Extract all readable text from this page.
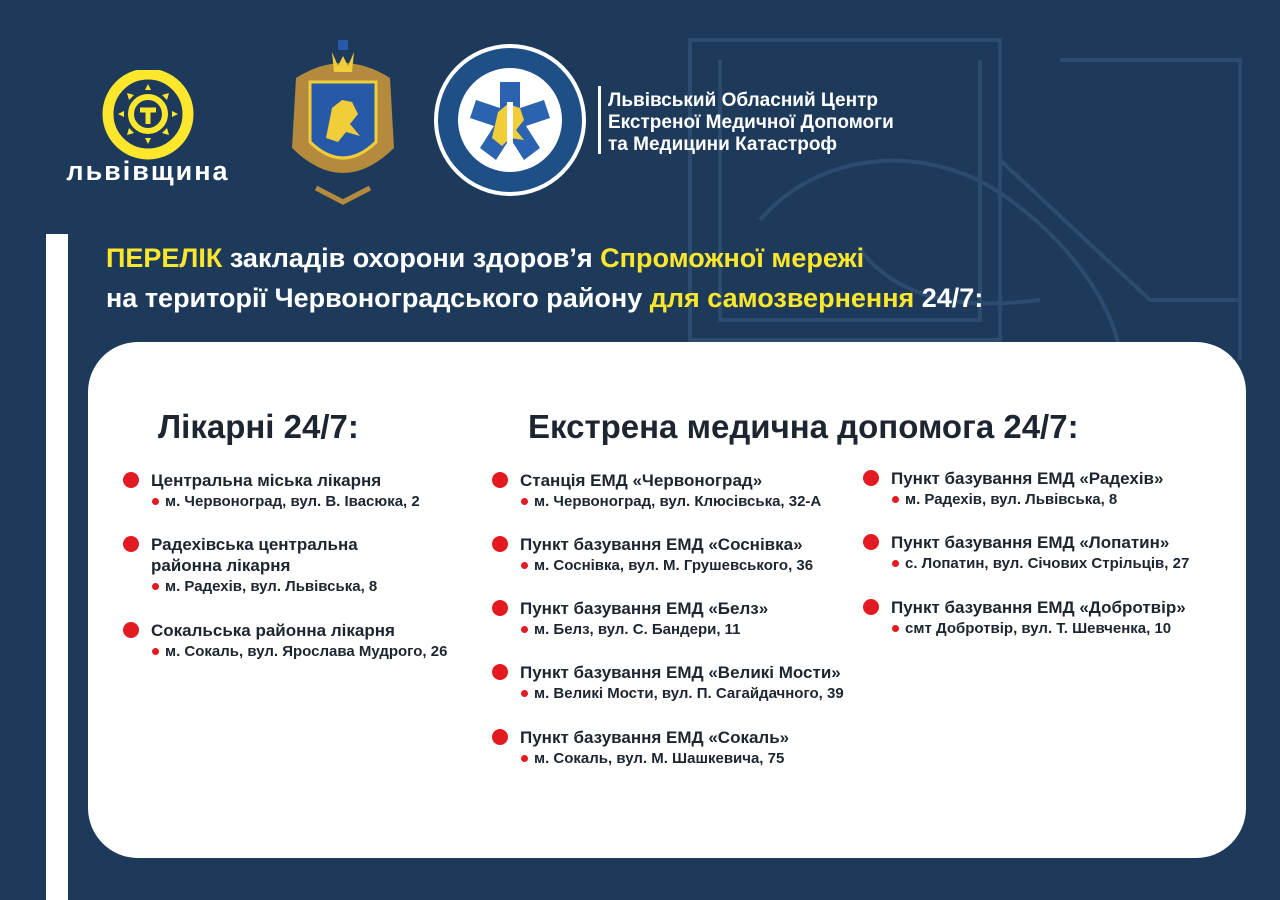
львівщина
Львівський Обласний Центр
Екстреної Медичної Допомоги
та Медицини Катастроф
ПЕРЕЛІК закладів охорони здоров’я Спроможної мережі
на території Червоноградського району для самозвернення 24/7:
Лікарні 24/7:
Центральна міська лікарня
м. Червоноград, вул. В. Івасюка, 2
Радехівська центральна
районна лікарня
м. Радехів, вул. Львівська, 8
Сокальська районна лікарня
м. Сокаль, вул. Ярослава Мудрого, 26
Екстрена медична допомога 24/7:
Станція ЕМД «Червоноград»
м. Червоноград, вул. Клюсівська, 32-А
Пункт базування ЕМД «Соснівка»
м. Соснівка, вул. М. Грушевського, 36
Пункт базування ЕМД «Белз»
м. Белз, вул. С. Бандери, 11
Пункт базування ЕМД «Великі Мости»
м. Великі Мости, вул. П. Сагайдачного, 39
Пункт базування ЕМД «Сокаль»
м. Сокаль, вул. М. Шашкевича, 75
Пункт базування ЕМД «Радехів»
м. Радехів, вул. Львівська, 8
Пункт базування ЕМД «Лопатин»
с. Лопатин, вул. Січових Стрільців, 27
Пункт базування ЕМД «Добротвір»
смт Добротвір, вул. Т. Шевченка, 10
